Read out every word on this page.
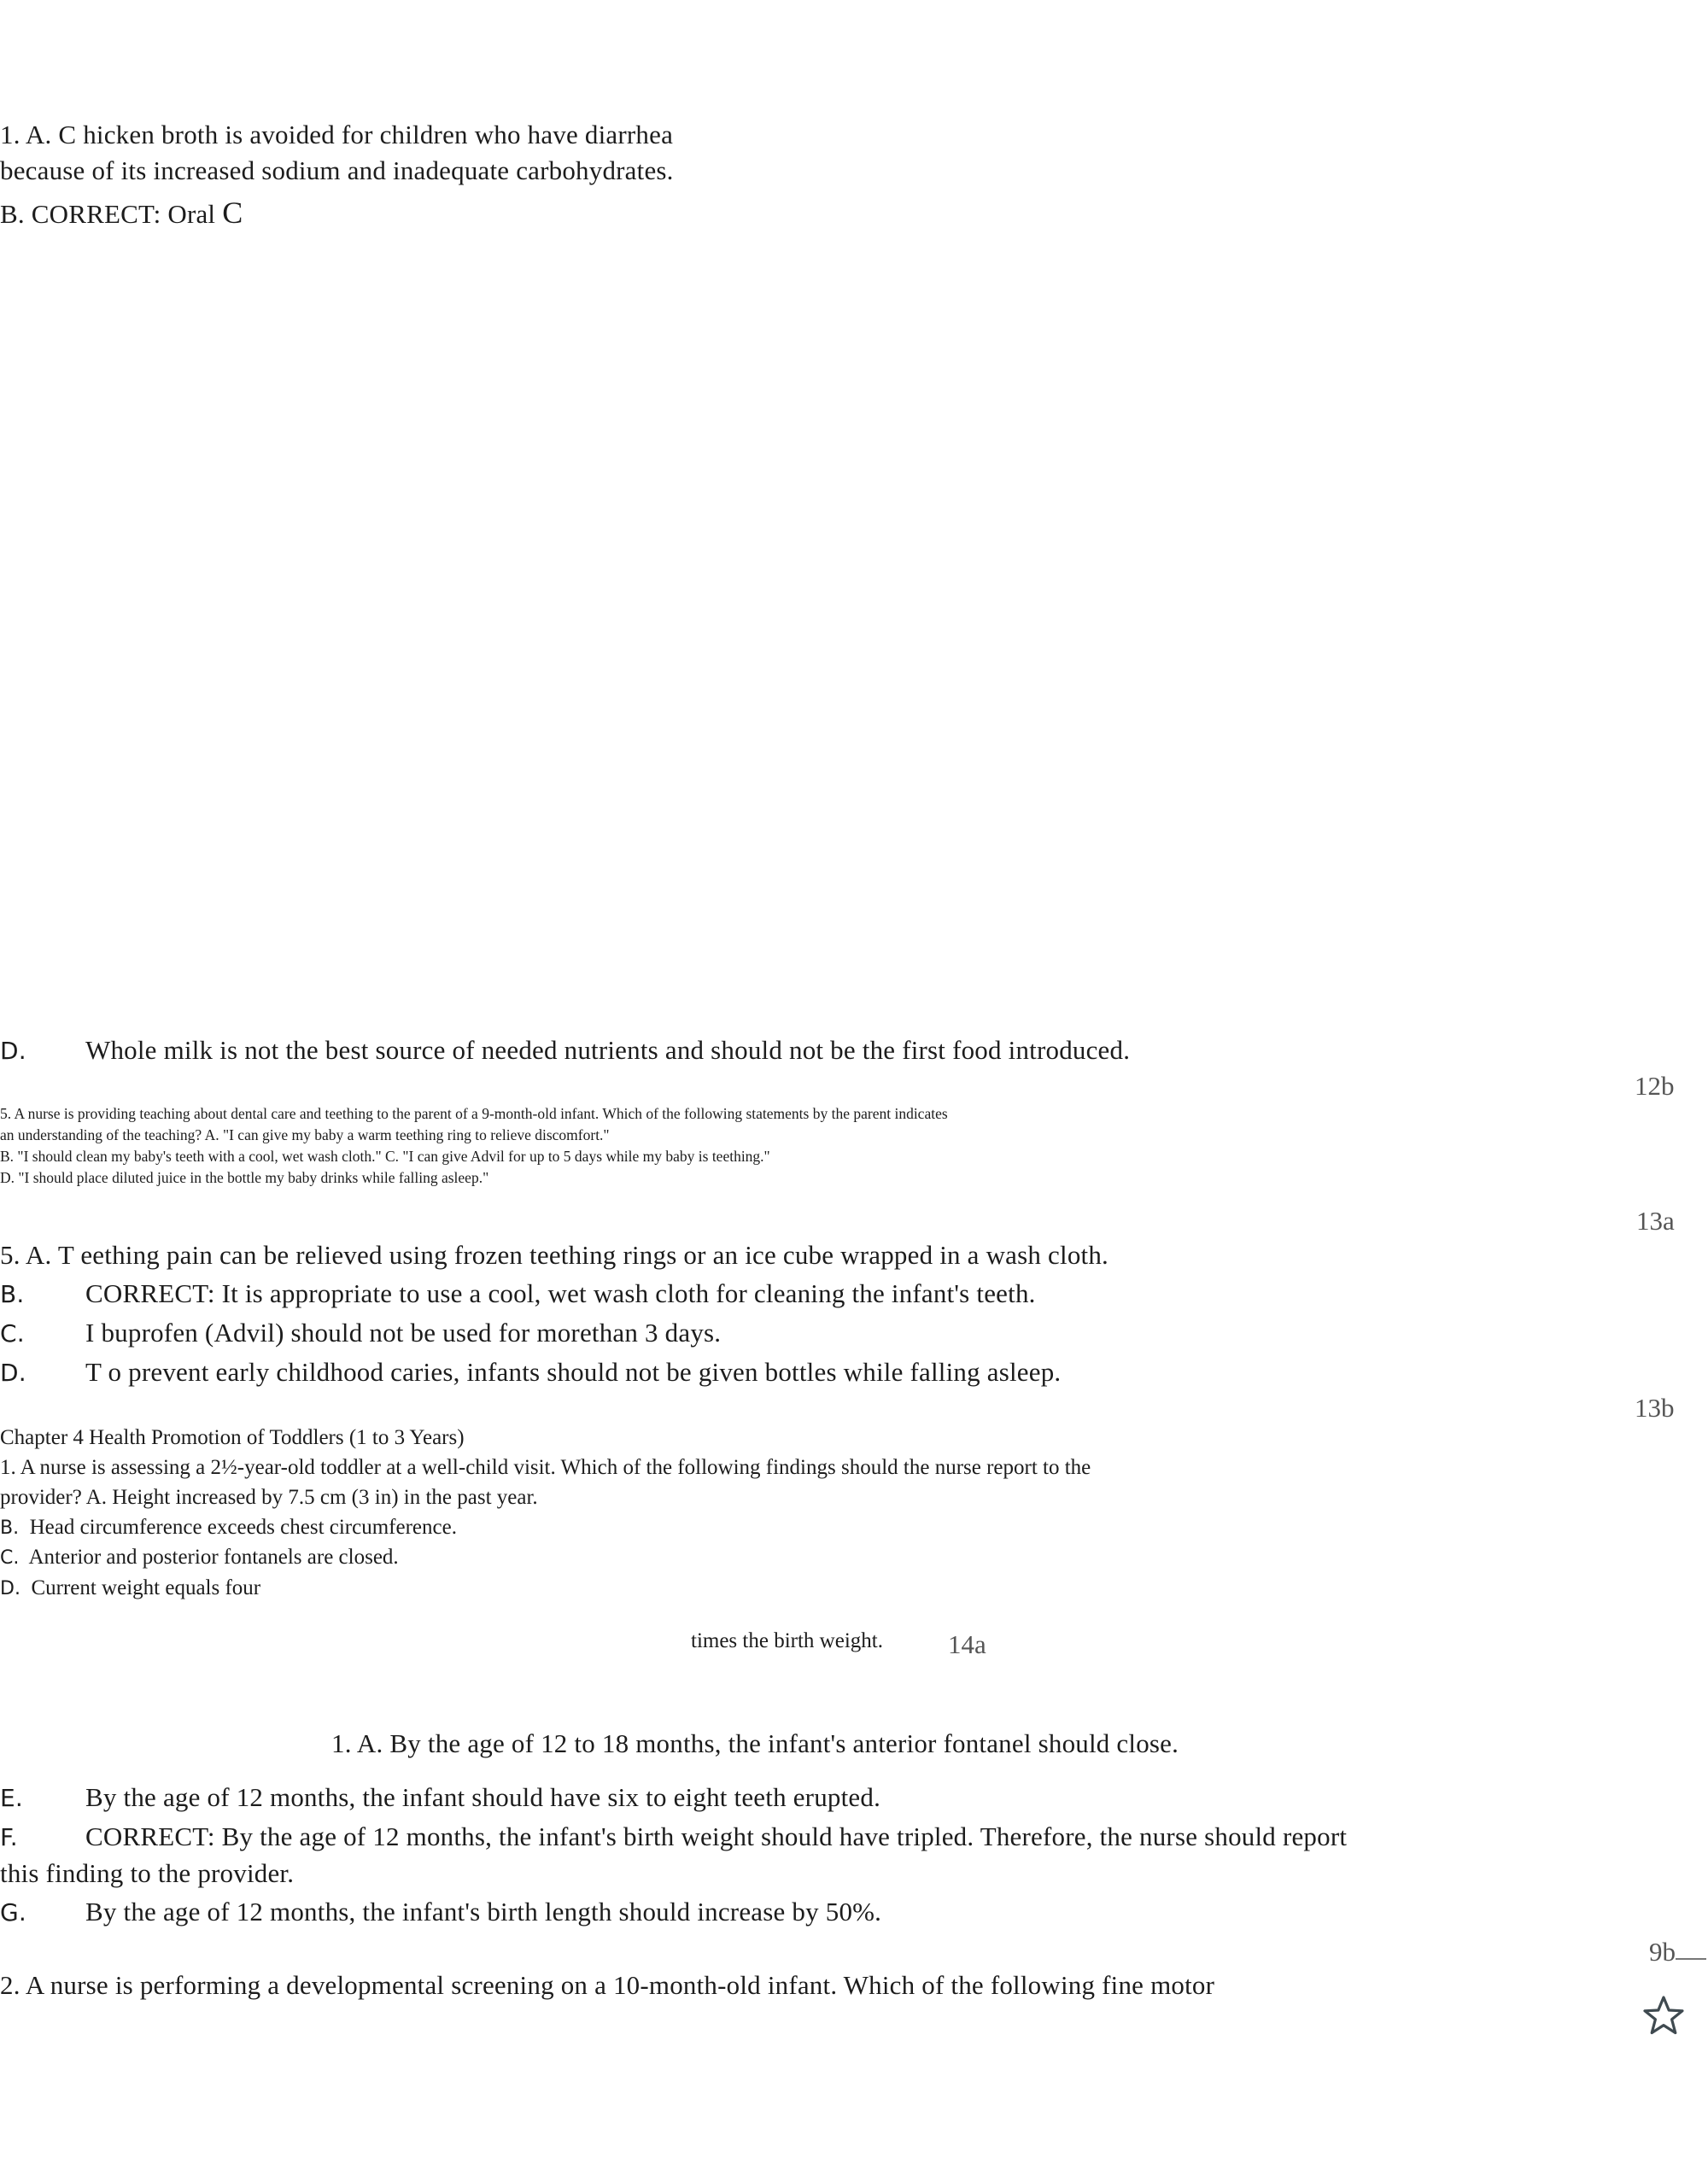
1. A. C hicken broth is avoided for children who have diarrhea

because of its increased sodium and inadequate carbohydrates.

B. CORRECT: Oral C

D. Whole milk is not the best source of needed nutrients and should not be the first food introduced.

12b

5. A nurse is providing teaching about dental care and teething to the parent of a 9-month-old infant. Which of the following statements by the parent indicates

an understanding of the teaching? A. "I can give my baby a warm teething ring to relieve discomfort."

B. "I should clean my baby's teeth with a cool, wet wash cloth." C. "I can give Advil for up to 5 days while my baby is teething."

D. "I should place diluted juice in the bottle my baby drinks while falling asleep."

13a

5. A. T eething pain can be relieved using frozen teething rings or an ice cube wrapped in a wash cloth.

B. CORRECT: It is appropriate to use a cool, wet wash cloth for cleaning the infant's teeth.

C. I buprofen (Advil) should not be used for morethan 3 days.

D. T o prevent early childhood caries, infants should not be given bottles while falling asleep.

13b

Chapter 4 Health Promotion of Toddlers (1 to 3 Years)

1. A nurse is assessing a 2½-year-old toddler at a well-child visit. Which of the following findings should the nurse report to the

provider? A. Height increased by 7.5 cm (3 in) in the past year.

B. Head circumference exceeds chest circumference.

C. Anterior and posterior fontanels are closed.

D. Current weight equals four

times the birth weight. 14a

1. A. By the age of 12 to 18 months, the infant's anterior fontanel should close.

E. By the age of 12 months, the infant should have six to eight teeth erupted.

F.	CORRECT: By the age of 12 months, the infant's birth weight should have tripled. Therefore, the nurse should report

this finding to the provider.

G. By the age of 12 months, the infant's birth length should increase by 50%.

9b

2. A nurse is performing a developmental screening on a 10-month-old infant. Which of the following fine motor
